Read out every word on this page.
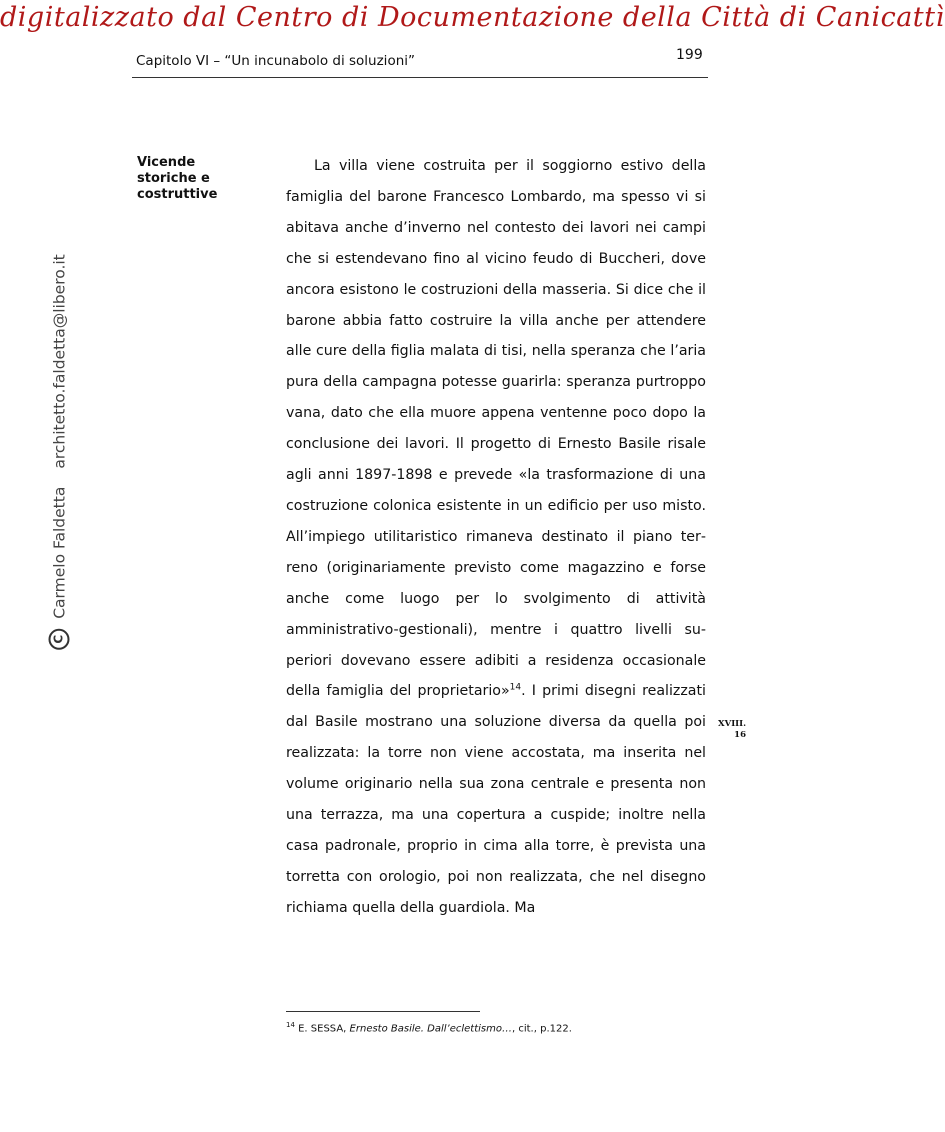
digitalizzato dal Centro di Documentazione della Città di Canicattì
Capitolo VI – “Un incunabolo di soluzioni”	199
C
Carmelo Faldetta
architetto.faldetta@libero.it
Vicende
storiche e
costruttive

La villa viene costruita per il soggiorno estivo della famiglia del barone Francesco Lombardo, ma spesso vi si abitava anche d’inverno nel contesto dei lavori nei campi che si estendevano fino al vicino feudo di Buccheri, dove ancora esistono le costruzioni della masseria. Si dice che il barone abbia fatto costruire la villa anche per attendere alle cure della figlia malata di tisi, nella speranza che l’aria pura della campagna potesse guarirla: speranza purtroppo vana, dato che ella muore appena ventenne poco dopo la conclusione dei lavori. Il progetto di Ernesto Basile risale agli anni 1897-1898 e prevede «la trasformazione di una costruzione colonica esistente in un edificio per uso misto. All’impiego utilitaristico rimaneva destinato il piano terreno (originariamente previsto come magazzino e forse anche come luogo per lo svolgimento di attività amministrativo-gestionali), mentre i quattro livelli superiori dovevano essere adibiti a residenza occasionale della famiglia del proprietario»$^{14}$. I primi disegni realizzati dal Basile mostrano una soluzione diversa da quella poi realizzata: la torre non viene accostata, ma inserita nel volume originario nella sua zona centrale e presenta non una terrazza, ma una copertura a cuspide; inoltre nella casa padronale, proprio in cima alla torre, è prevista una torretta con orologio, poi non realizzata, che nel disegno richiama quella della guardiola. Ma

XVIII.
16
$^{14}$ E. SESSA, Ernesto Basile. Dall’eclettismo…, cit., p.122.
